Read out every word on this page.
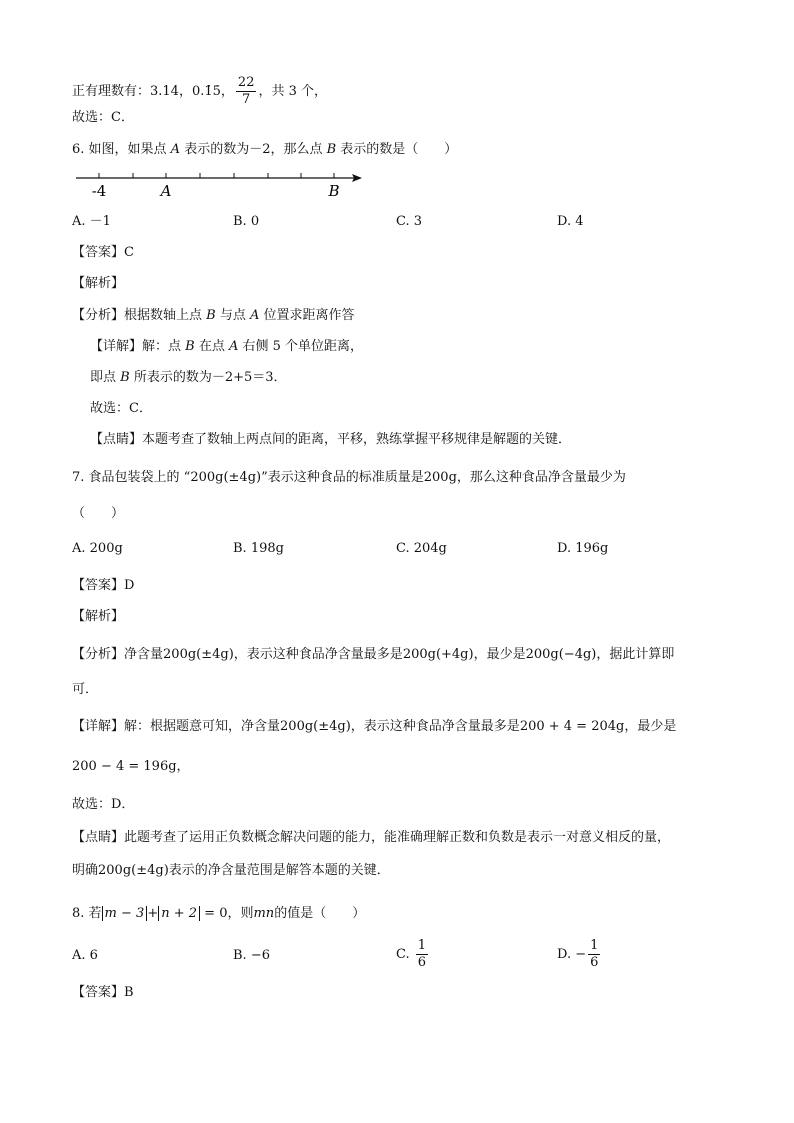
正有理数有：3.14，0.1̇5̇， $\frac{22}{7}$ ，共 3 个，
故选：C．
6. 如图，如果点 A 表示的数为－2，那么点 B 表示的数是（　　）
-4	A	B
A. －1	B. 0	C. 3	D. 4
【答案】C
【解析】
【分析】根据数轴上点 B 与点 A 位置求距离作答
【详解】解：点 B 在点 A 右侧 5 个单位距离，
即点 B 所表示的数为－2+5＝3．
故选：C．
【点睛】本题考查了数轴上两点间的距离，平移，熟练掌握平移规律是解题的关键．
7. 食品包装袋上的 “200g(±4g)”表示这种食品的标准质量是200g，那么这种食品净含量最少为
（　　）
A. 200g	B. 198g	C. 204g	D. 196g
【答案】D
【解析】
【分析】净含量200g(±4g)，表示这种食品净含量最多是200g(+4g)，最少是200g(−4g)，据此计算即
可．
【详解】解：根据题意可知，净含量200g(±4g)，表示这种食品净含量最多是200 + 4 = 204g，最少是
200 − 4 = 196g，
故选：D．
【点睛】此题考查了运用正负数概念解决问题的能力，能准确理解正数和负数是表示一对意义相反的量，
明确200g(±4g)表示的净含量范围是解答本题的关键．
8. 若 m − 3 + n + 2 = 0，则mn的值是（　　）
A. 6	B. −6	C. $\frac{1}{6}$	D. − $\frac{1}{6}$
【答案】B
